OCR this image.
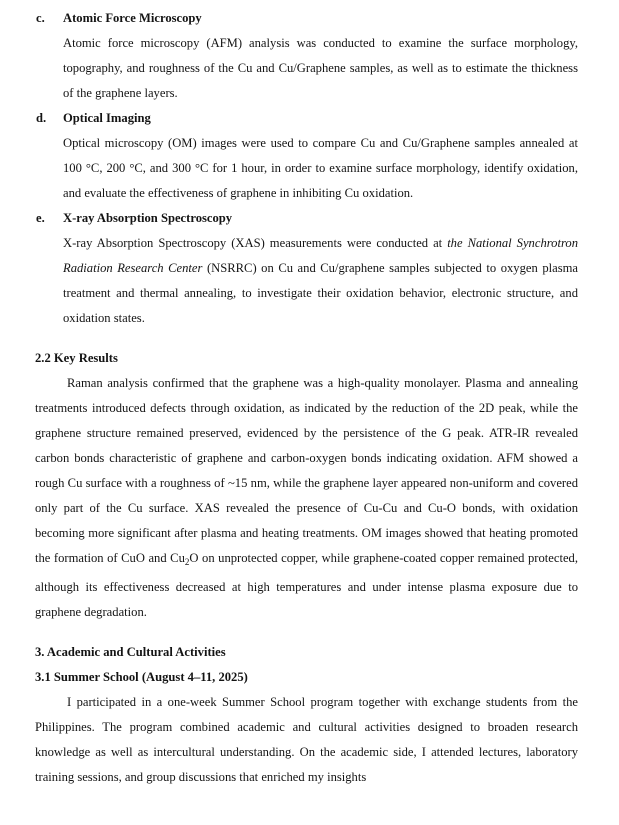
c. Atomic Force Microscopy
Atomic force microscopy (AFM) analysis was conducted to examine the surface morphology, topography, and roughness of the Cu and Cu/Graphene samples, as well as to estimate the thickness of the graphene layers.
d. Optical Imaging
Optical microscopy (OM) images were used to compare Cu and Cu/Graphene samples annealed at 100 °C, 200 °C, and 300 °C for 1 hour, in order to examine surface morphology, identify oxidation, and evaluate the effectiveness of graphene in inhibiting Cu oxidation.
e. X-ray Absorption Spectroscopy
X-ray Absorption Spectroscopy (XAS) measurements were conducted at the National Synchrotron Radiation Research Center (NSRRC) on Cu and Cu/graphene samples subjected to oxygen plasma treatment and thermal annealing, to investigate their oxidation behavior, electronic structure, and oxidation states.
2.2 Key Results
Raman analysis confirmed that the graphene was a high-quality monolayer. Plasma and annealing treatments introduced defects through oxidation, as indicated by the reduction of the 2D peak, while the graphene structure remained preserved, evidenced by the persistence of the G peak. ATR-IR revealed carbon bonds characteristic of graphene and carbon-oxygen bonds indicating oxidation. AFM showed a rough Cu surface with a roughness of ~15 nm, while the graphene layer appeared non-uniform and covered only part of the Cu surface. XAS revealed the presence of Cu-Cu and Cu-O bonds, with oxidation becoming more significant after plasma and heating treatments. OM images showed that heating promoted the formation of CuO and $Cu_2O$ on unprotected copper, while graphene-coated copper remained protected, although its effectiveness decreased at high temperatures and under intense plasma exposure due to graphene degradation.
3. Academic and Cultural Activities
3.1 Summer School (August 4–11, 2025)
I participated in a one-week Summer School program together with exchange students from the Philippines. The program combined academic and cultural activities designed to broaden research knowledge as well as intercultural understanding. On the academic side, I attended lectures, laboratory training sessions, and group discussions that enriched my insights
